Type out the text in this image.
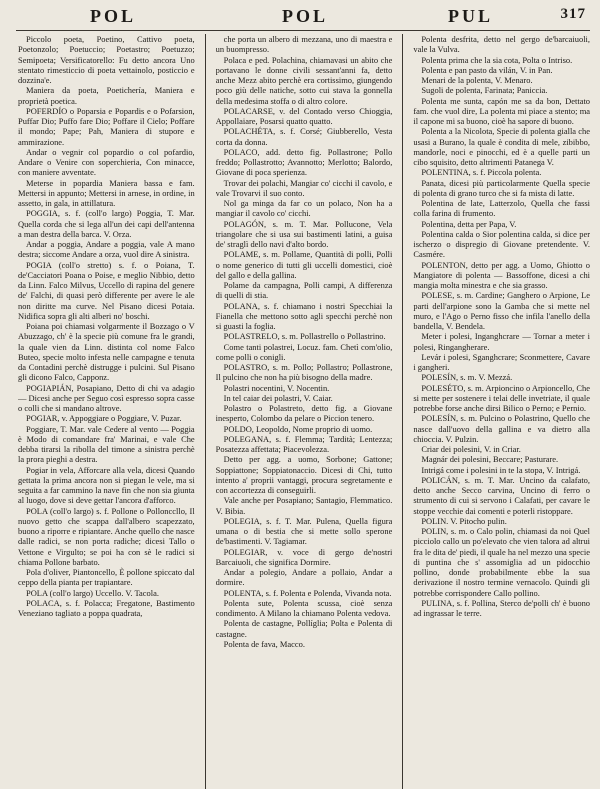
POL	POL	PUL	317

Piccolo poeta, Poetino, Cattivo poeta, Poetonzolo; Poetuccio; Poetastro; Poetuzzo; Semipoeta; Versificatorello: Fu detto ancora Uno stentato rimesticcio di poeta vettainolo, posticcio e dozzina'e.

Maniera da poeta, Poetichería, Maniera e proprietà poetica.

POFERDÍO o Poparsia e Popardis e o Pofarsion, Puffar Dio; Puffo fare Dio; Poffare il Cielo; Poffare il mondo; Pape; Pah, Maniera di stupore e ammirazione.

Andar o vegnir col popardio o col pofardio, Andare o Venire con soperchieria, Con minacce, con maniere avventate.

Meterse in popardia Maniera bassa e fam. Mettersi in appunto; Mettersi in arnese, in ordine, in assetto, in gala, in attillatura.

POGGIA, s. f. (coll'o largo) Poggia, T. Mar. Quella corda che si lega all'un dei capi dell'antenna a man destra della barca. V. Orza.

Andar a poggia, Andare a poggia, vale A mano destra; siccome Andare a orza, vuol dire A sinistra.

POGIA (coll'o stretto) s. f. o Poiana, T. de'Cacciatori Poana o Poise, e meglio Nibbio, detto da Linn. Falco Milvus, Uccello di rapina del genere de' Falchi, di quasi però differente per avere le ale non diritte ma curve. Nel Pisano dicesi Potaia. Nidifica sopra gli alti alberi no' boschi.

Poiana poi chiamasi volgarmente il Bozzago o V Abuzzago, ch' è la specie più comune fra le grandi, la quale vien da Linn. distinta col nome Falco Buteo, specie molto infesta nelle campagne e tenuta da Contadini perchè distrugge i pulcini. Sul Pisano gli dicono Falco, Capponz.

POGIAPIÁN, Posapiano, Detto di chi va adagio — Dicesi anche per Seguo così espresso sopra casse o colli che si mandano altrove.

POGIAR, v. Appoggiare o Poggiare, V. Puzar.

Poggiare, T. Mar. vale Cedere al vento — Poggia è Modo di comandare fra' Marinai, e vale Che debba tirarsi la ribolla del timone a sinistra perchè la prora pieghi a destra.

Pogiar in vela, Afforcare alla vela, dicesi Quando gettata la prima ancora non si piegan le vele, ma si seguita a far cammino la nave fin che non sia giunta al luogo, dove si deve gettar l'ancora d'afforco.

POLA (coll'o largo) s. f. Pollone o Pollonccllo, Il nuovo getto che scappa dall'albero scapezzato, buono a riporre e ripiantare. Anche quello che nasce dalle radici, se non porta radiche; dicesi Tallo o Vettone e Virgulto; se poi ha con sè le radici si chiama Pollone barbato.

Pola d'oliver, Piantoncello, È pollone spiccato dal ceppo della pianta per trapiantare.

POLA (coll'o largo) Uccello. V. Tacola.

POLACA, s. f. Polacca; Fregatone, Bastimento Veneziano tagliato a poppa quadrata,

che porta un albero di mezzana, uno di maestra e un buompresso.

Polaca e ped. Polachina, chiamavasi un abito che portavano le donne civili sessant'anni fa, detto anche Mezz abito perchè era cortissimo, giungendo poco giù delle natiche, sotto cui stava la gonnella della medesima stoffa o di altro colore.

POLACARSE, v. del Contado verso Chioggia, Appollaiare, Posarsi quatto quatto.

POLACHÉTA, s. f. Corsé; Giubberello, Vesta corta da donna.

POLACO, add. detto fig. Pollastrone; Pollo freddo; Pollastrotto; Avannotto; Merlotto; Balordo, Giovane di poca sperienza.

Trovar dei polachi, Mangiar co' cicchi il cavolo, e vale Trovarvi il suo conto.

Nol ga minga da far co un polaco, Non ha a mangiar il cavolo co' cicchi.

POLAGÓN, s. m. T. Mar. Pollucone, Vela triangolare che si usa sui bastimenti latini, a guisa de' straglì dello navi d'alto bordo.

POLAME, s. m. Pollame, Quantità di polli, Polli o nome generico di tutti gli uccelli domestici, cioè del gallo e della gallina.

Polame da campagna, Polli campi, A differenza di quelli di stia.

POLANA, s. f. chiamano i nostri Specchiai la Fianella che mettono sotto agli specchi perchè non si guasti la foglia.

POLASTRELO, s. m. Pollastrello o Pollastrino.

Come tanti polastrei, Locuz. fam. Chetì com'olio, come polli o conigli.

POLASTRO, s. m. Pollo; Pollastro; Pollastrone, Il pulcino che non ha più bisogno della madre.

Polastri nocentini, V. Nocentin.

In tel caiar dei polastri, V. Caiar.

Polastro o Polastreto, detto fig. a Giovane inesperto, Colombo da pelare o Piccion tenero.

POLDO, Leopoldo, Nome proprio di uomo.

POLEGANA, s. f. Flemma; Tardità; Lentezza; Posatezza affettata; Piacevolezza.

Detto per agg. a uomo, Sorbone; Gattone; Soppiattone; Soppiatonaccio. Dicesi di Chi, tutto intento a' proprii vantaggi, procura segretamente e con accortezza di conseguirli.

Vale anche per Posapiano; Santagio, Flemmatico. V. Bibia.

POLEGIA, s. f. T. Mar. Pulena, Quella figura umana o di bestia che si mette sollo sperone de'bastimenti. V. Tagiamar.

POLEGIAR, v. voce di gergo de'nostri Barcaiuoli, che significa Dormire.

Andar a polegio, Andare a pollaio, Andar a dormire.

POLENTA, s. f. Polenta e Polenda, Vivanda nota.

Polenta sute, Polenta scussa, cioè senza condimento. A Milano la chiamano Polenta vedova.

Polenta de castagne, Pollíglia; Polta e Polenta di castagne.

Polenta de fava, Macco.

Polenta desfrita, detto nel gergo de'barcaiuoli, vale la Vulva.

Polenta prima che la sia cota, Polta o Intriso.

Polenta e pan pasto da vilán, V. in Pan.

Menari de la polenta, V. Menaro.

Sugoli de polenta, Farinata; Paniccia.

Polenta me sunta, capón me sa da bon, Dettato fam. che vuol dire, La polenta mi piace a stento; ma il capone mi sa buono, cioè ha sapore di buono.

Polenta a la Nicolota, Specie di polenta gialla che usasi a Burano, la quale è condita di mele, zibibbo, mandorle, noci e pinocchi, ed è a quelle parti un cibo squisito, detto altrimenti Patanega V.

POLENTINA, s. f. Piccola polenta.

Panata, dicesi più particolarmente Quella specie di polenta di grano turco che si fa mista di latte.

Polentina de late, Latterzolo, Quella che fassi colla farina di frumento.

Polentina, detta per Papa, V.

Polentina calda o Sior polentina calda, si dice per ischerzo o dispregio di Giovane pretendente. V. Casmére.

POLENTON, detto per agg. a Uomo, Ghiotto o Mangiatore di polenta — Bassoffone, dicesi a chi mangia molta minestra e che sia grasso.

POLESE, s. m. Cardine; Ganghero o Arpione, Le parti dell'arpione sono la Gamba che si mette nel muro, e l'Ago o Perno fisso che infila l'anello della bandella, V. Bendela.

Meter i polesi, Inganghcrare — Tornar a meter i polesi, Ringangherare.

Levár i polesi, Sganghcrare; Sconmettere, Cavare i gangheri.

POLESÍN, s. m. V. Mezzá.

POLESÉTO, s. m. Arpioncino o Arpioncello, Che si mette per sostenere i telai delle invetriate, il quale potrebbe forse anche dirsi Bilico o Perno; e Pernio.

POLESÍN, s. m. Pulcino o Polastrino, Quello che nasce dall'uovo della gallina e va dietro alla chioccia. V. Pulzin.

Criar dei polesini, V. in Criar.

Magnár dei polesini, Beccare; Pasturare.

Intrigá come i polesini in te la stopa, V. Intrigá.

POLICÁN, s. m. T. Mar. Uncino da calafato, detto anche Secco carvina, Uncino di ferro o strumento di cui si servono i Calafati, per cavare le stoppe vecchie dai comenti e poterli ristoppare.

POLIN. V. Pitocho pulin.

POLIN, s. m. o Calo polin, chiamasi da noi Quel picciolo callo un po'elevato che vien talora ad altrui fra le dita de' piedi, il quale ha nel mezzo una specie di puntina che s' assomiglia ad un pidocchio pollino, donde probabilmente ebbe la sua derivazione il nostro termine vernacolo. Quindi gli potrebbe corrispondere Callo pollino.

PULINA, s. f. Pollina, Sterco de'polli ch' è buono ad ingrassar le terre.
